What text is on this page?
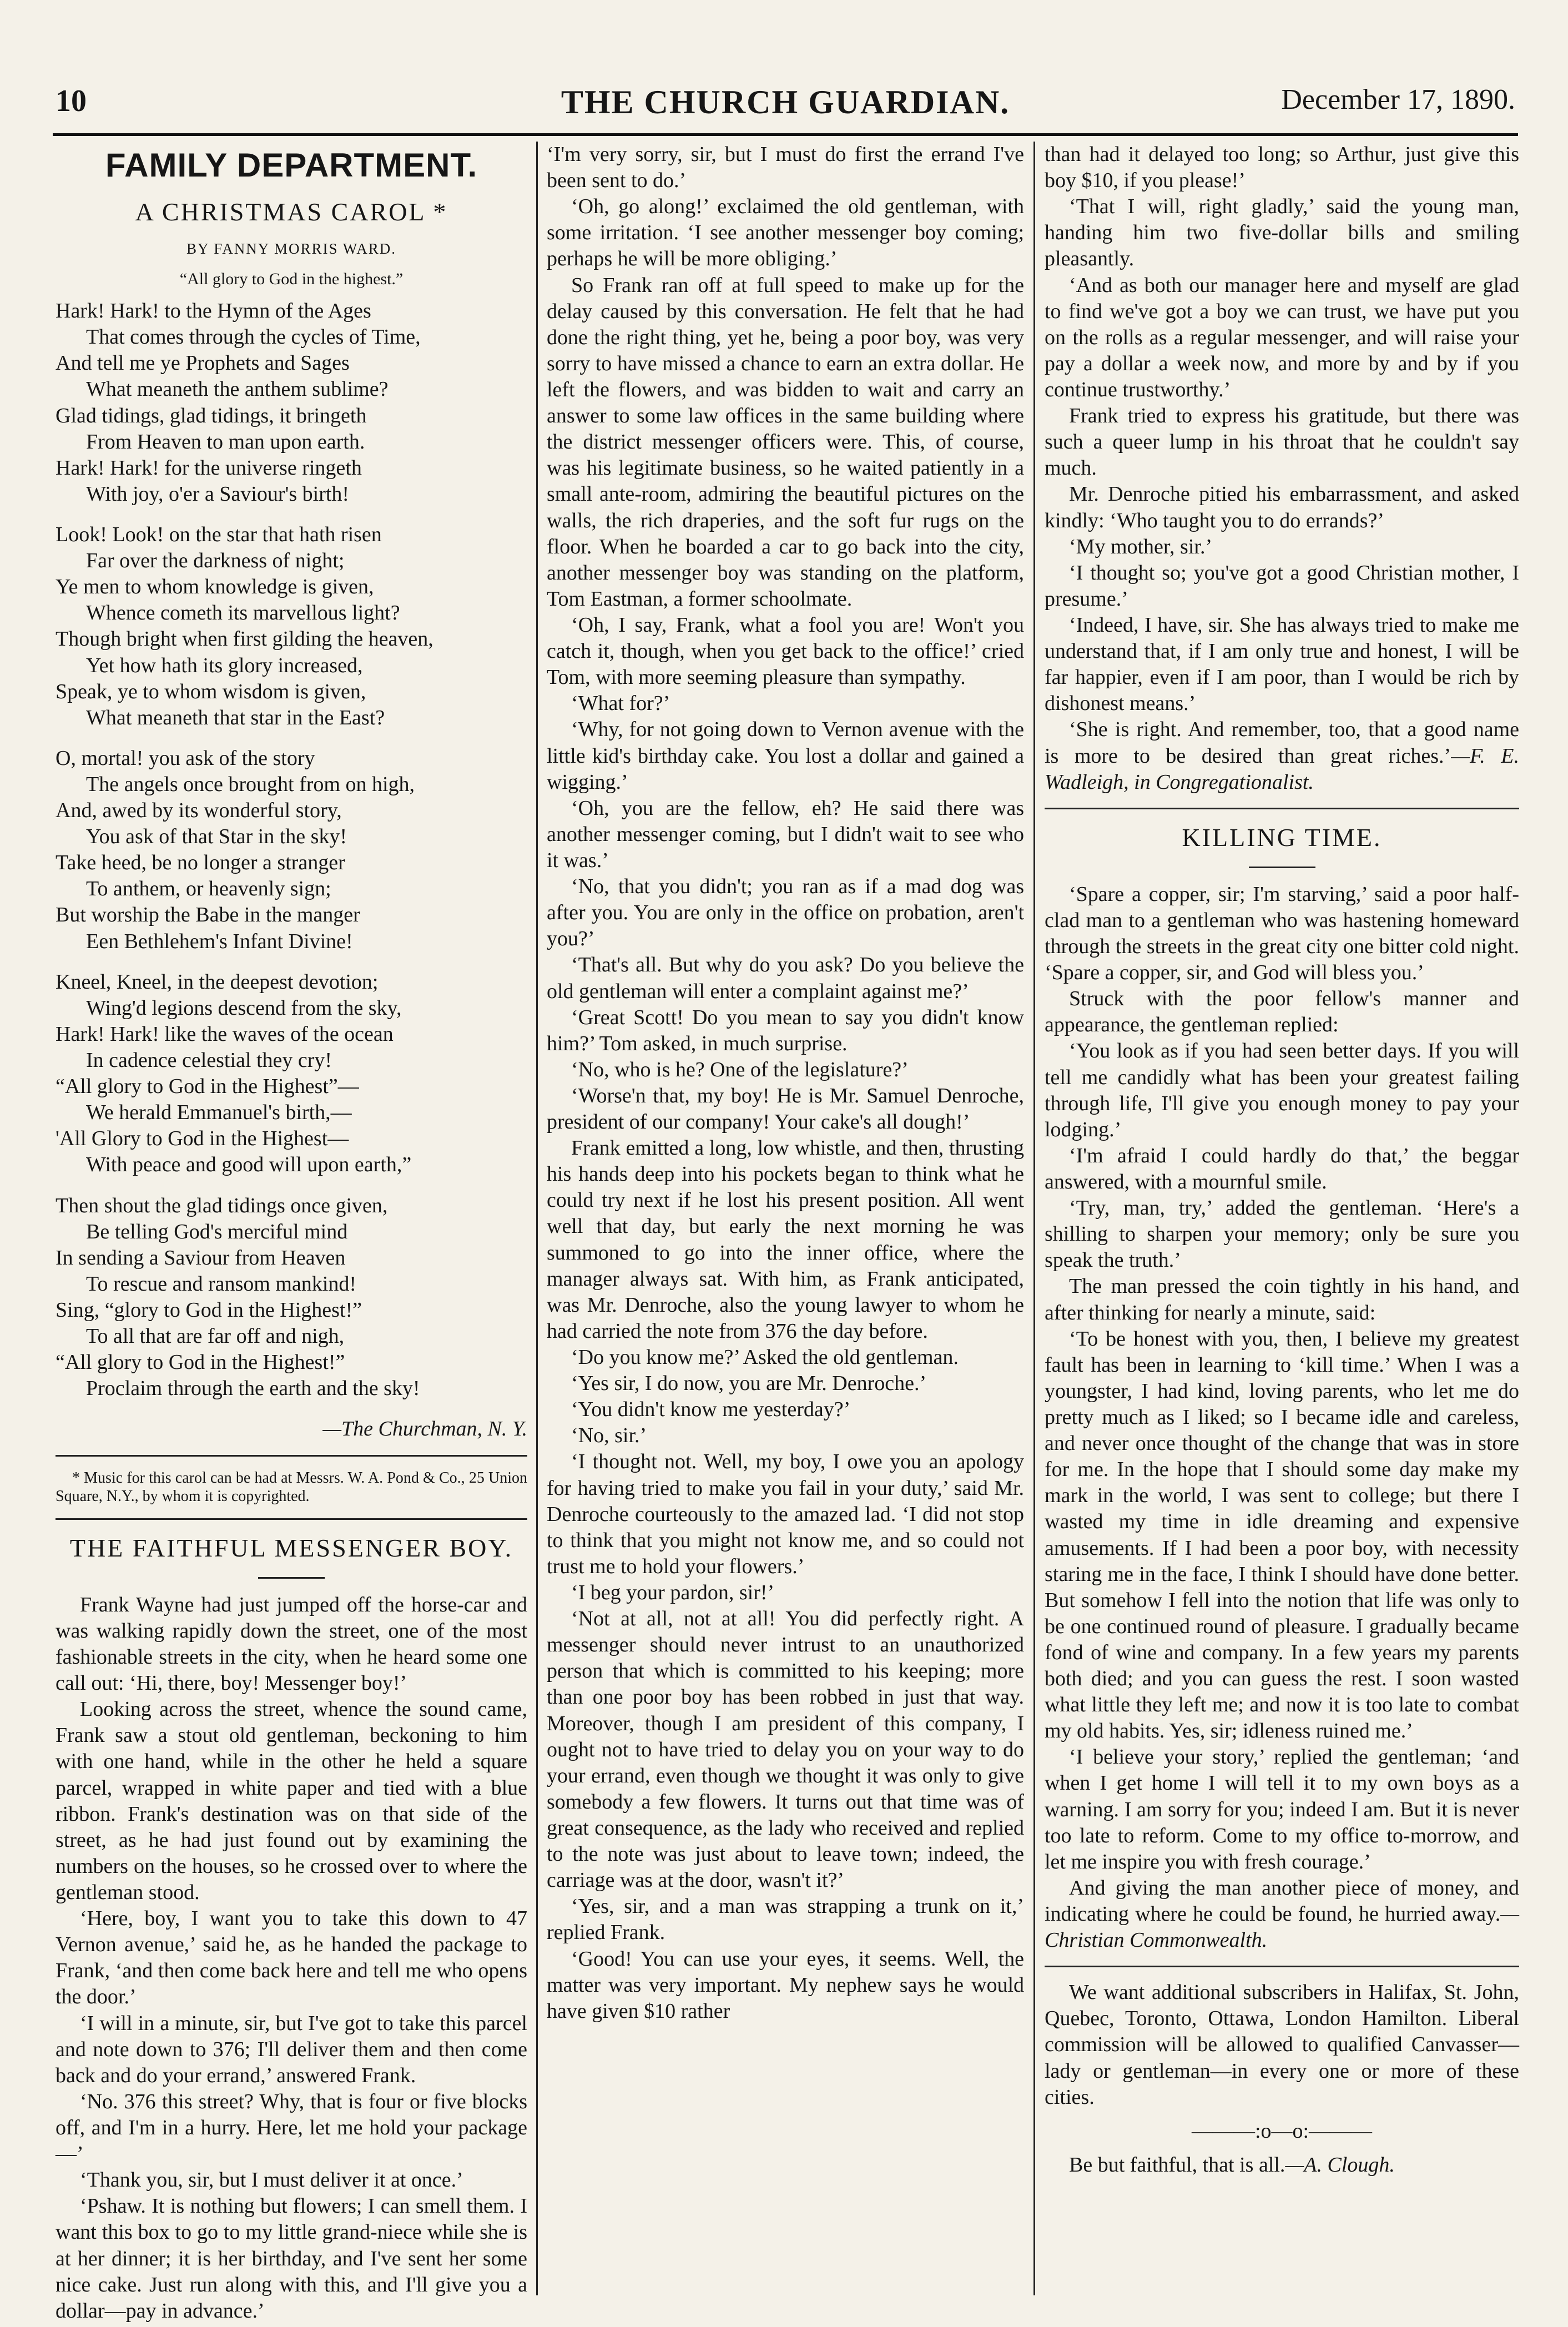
10	THE CHURCH GUARDIAN.	December 17, 1890.
FAMILY DEPARTMENT.
A CHRISTMAS CAROL *
BY FANNY MORRIS WARD.
“All glory to God in the highest.”
Hark! Hark! to the Hymn of the Ages
That comes through the cycles of Time,
And tell me ye Prophets and Sages
What meaneth the anthem sublime?
Glad tidings, glad tidings, it bringeth
From Heaven to man upon earth.
Hark! Hark! for the universe ringeth
With joy, o'er a Saviour's birth!
Look! Look! on the star that hath risen
Far over the darkness of night;
Ye men to whom knowledge is given,
Whence cometh its marvellous light?
Though bright when first gilding the heaven,
Yet how hath its glory increased,
Speak, ye to whom wisdom is given,
What meaneth that star in the East?
O, mortal! you ask of the story
The angels once brought from on high,
And, awed by its wonderful story,
You ask of that Star in the sky!
Take heed, be no longer a stranger
To anthem, or heavenly sign;
But worship the Babe in the manger
Een Bethlehem's Infant Divine!
Kneel, Kneel, in the deepest devotion;
Wing'd legions descend from the sky,
Hark! Hark! like the waves of the ocean
In cadence celestial they cry!
“All glory to God in the Highest”—
We herald Emmanuel's birth,—
'All Glory to God in the Highest—
With peace and good will upon earth,”
Then shout the glad tidings once given,
Be telling God's merciful mind
In sending a Saviour from Heaven
To rescue and ransom mankind!
Sing, “glory to God in the Highest!”
To all that are far off and nigh,
“All glory to God in the Highest!”
Proclaim through the earth and the sky!
—The Churchman, N. Y.
* Music for this carol can be had at Messrs. W. A. Pond & Co., 25 Union Square, N.Y., by whom it is copyrighted.
THE FAITHFUL MESSENGER BOY.

Frank Wayne had just jumped off the horse-car and was walking rapidly down the street, one of the most fashionable streets in the city, when he heard some one call out: ‘Hi, there, boy! Messenger boy!’

Looking across the street, whence the sound came, Frank saw a stout old gentleman, beckoning to him with one hand, while in the other he held a square parcel, wrapped in white paper and tied with a blue ribbon. Frank's destination was on that side of the street, as he had just found out by examining the numbers on the houses, so he crossed over to where the gentleman stood.

‘Here, boy, I want you to take this down to 47 Vernon avenue,’ said he, as he handed the package to Frank, ‘and then come back here and tell me who opens the door.’

‘I will in a minute, sir, but I've got to take this parcel and note down to 376; I'll deliver them and then come back and do your errand,’ answered Frank.

‘No. 376 this street? Why, that is four or five blocks off, and I'm in a hurry. Here, let me hold your package—’

‘Thank you, sir, but I must deliver it at once.’

‘Pshaw. It is nothing but flowers; I can smell them. I want this box to go to my little grand-niece while she is at her dinner; it is her birthday, and I've sent her some nice cake. Just run along with this, and I'll give you a dollar—pay in advance.’

‘I'm very sorry, sir, but I must do first the errand I've been sent to do.’

‘Oh, go along!’ exclaimed the old gentleman, with some irritation. ‘I see another messenger boy coming; perhaps he will be more obliging.’

So Frank ran off at full speed to make up for the delay caused by this conversation. He felt that he had done the right thing, yet he, being a poor boy, was very sorry to have missed a chance to earn an extra dollar. He left the flowers, and was bidden to wait and carry an answer to some law offices in the same building where the district messenger officers were. This, of course, was his legitimate business, so he waited patiently in a small ante-room, admiring the beautiful pictures on the walls, the rich draperies, and the soft fur rugs on the floor. When he boarded a car to go back into the city, another messenger boy was standing on the platform, Tom Eastman, a former schoolmate.

‘Oh, I say, Frank, what a fool you are! Won't you catch it, though, when you get back to the office!’ cried Tom, with more seeming pleasure than sympathy.

‘What for?’

‘Why, for not going down to Vernon avenue with the little kid's birthday cake. You lost a dollar and gained a wigging.’

‘Oh, you are the fellow, eh? He said there was another messenger coming, but I didn't wait to see who it was.’

‘No, that you didn't; you ran as if a mad dog was after you. You are only in the office on probation, aren't you?’

‘That's all. But why do you ask? Do you believe the old gentleman will enter a complaint against me?’

‘Great Scott! Do you mean to say you didn't know him?’ Tom asked, in much surprise.

‘No, who is he? One of the legislature?’

‘Worse'n that, my boy! He is Mr. Samuel Denroche, president of our company! Your cake's all dough!’

Frank emitted a long, low whistle, and then, thrusting his hands deep into his pockets began to think what he could try next if he lost his present position. All went well that day, but early the next morning he was summoned to go into the inner office, where the manager always sat. With him, as Frank anticipated, was Mr. Denroche, also the young lawyer to whom he had carried the note from 376 the day before.

‘Do you know me?’ Asked the old gentleman.

‘Yes sir, I do now, you are Mr. Denroche.’

‘You didn't know me yesterday?’

‘No, sir.’

‘I thought not. Well, my boy, I owe you an apology for having tried to make you fail in your duty,’ said Mr. Denroche courteously to the amazed lad. ‘I did not stop to think that you might not know me, and so could not trust me to hold your flowers.’

‘I beg your pardon, sir!’

‘Not at all, not at all! You did perfectly right. A messenger should never intrust to an unauthorized person that which is committed to his keeping; more than one poor boy has been robbed in just that way. Moreover, though I am president of this company, I ought not to have tried to delay you on your way to do your errand, even though we thought it was only to give somebody a few flowers. It turns out that time was of great consequence, as the lady who received and replied to the note was just about to leave town; indeed, the carriage was at the door, wasn't it?’

‘Yes, sir, and a man was strapping a trunk on it,’ replied Frank.

‘Good! You can use your eyes, it seems. Well, the matter was very important. My nephew says he would have given $10 rather

than had it delayed too long; so Arthur, just give this boy $10, if you please!’

‘That I will, right gladly,’ said the young man, handing him two five-dollar bills and smiling pleasantly.

‘And as both our manager here and myself are glad to find we've got a boy we can trust, we have put you on the rolls as a regular messenger, and will raise your pay a dollar a week now, and more by and by if you continue trustworthy.’

Frank tried to express his gratitude, but there was such a queer lump in his throat that he couldn't say much.

Mr. Denroche pitied his embarrassment, and asked kindly: ‘Who taught you to do errands?’

‘My mother, sir.’

‘I thought so; you've got a good Christian mother, I presume.’

‘Indeed, I have, sir. She has always tried to make me understand that, if I am only true and honest, I will be far happier, even if I am poor, than I would be rich by dishonest means.’

‘She is right. And remember, too, that a good name is more to be desired than great riches.’—F. E. Wadleigh, in Congregationalist.

KILLING TIME.

‘Spare a copper, sir; I'm starving,’ said a poor half-clad man to a gentleman who was hastening homeward through the streets in the great city one bitter cold night. ‘Spare a copper, sir, and God will bless you.’

Struck with the poor fellow's manner and appearance, the gentleman replied:

‘You look as if you had seen better days. If you will tell me candidly what has been your greatest failing through life, I'll give you enough money to pay your lodging.’

‘I'm afraid I could hardly do that,’ the beggar answered, with a mournful smile.

‘Try, man, try,’ added the gentleman. ‘Here's a shilling to sharpen your memory; only be sure you speak the truth.’

The man pressed the coin tightly in his hand, and after thinking for nearly a minute, said:

‘To be honest with you, then, I believe my greatest fault has been in learning to ‘kill time.’ When I was a youngster, I had kind, loving parents, who let me do pretty much as I liked; so I became idle and careless, and never once thought of the change that was in store for me. In the hope that I should some day make my mark in the world, I was sent to college; but there I wasted my time in idle dreaming and expensive amusements. If I had been a poor boy, with necessity staring me in the face, I think I should have done better. But somehow I fell into the notion that life was only to be one continued round of pleasure. I gradually became fond of wine and company. In a few years my parents both died; and you can guess the rest. I soon wasted what little they left me; and now it is too late to combat my old habits. Yes, sir; idleness ruined me.’

‘I believe your story,’ replied the gentleman; ‘and when I get home I will tell it to my own boys as a warning. I am sorry for you; indeed I am. But it is never too late to reform. Come to my office to-morrow, and let me inspire you with fresh courage.’

And giving the man another piece of money, and indicating where he could be found, he hurried away.—Christian Commonwealth.

We want additional subscribers in Halifax, St. John, Quebec, Toronto, Ottawa, London Hamilton. Liberal commission will be allowed to qualified Canvasser—lady or gentleman—in every one or more of these cities.

———:o—o:———

Be but faithful, that is all.—A. Clough.
